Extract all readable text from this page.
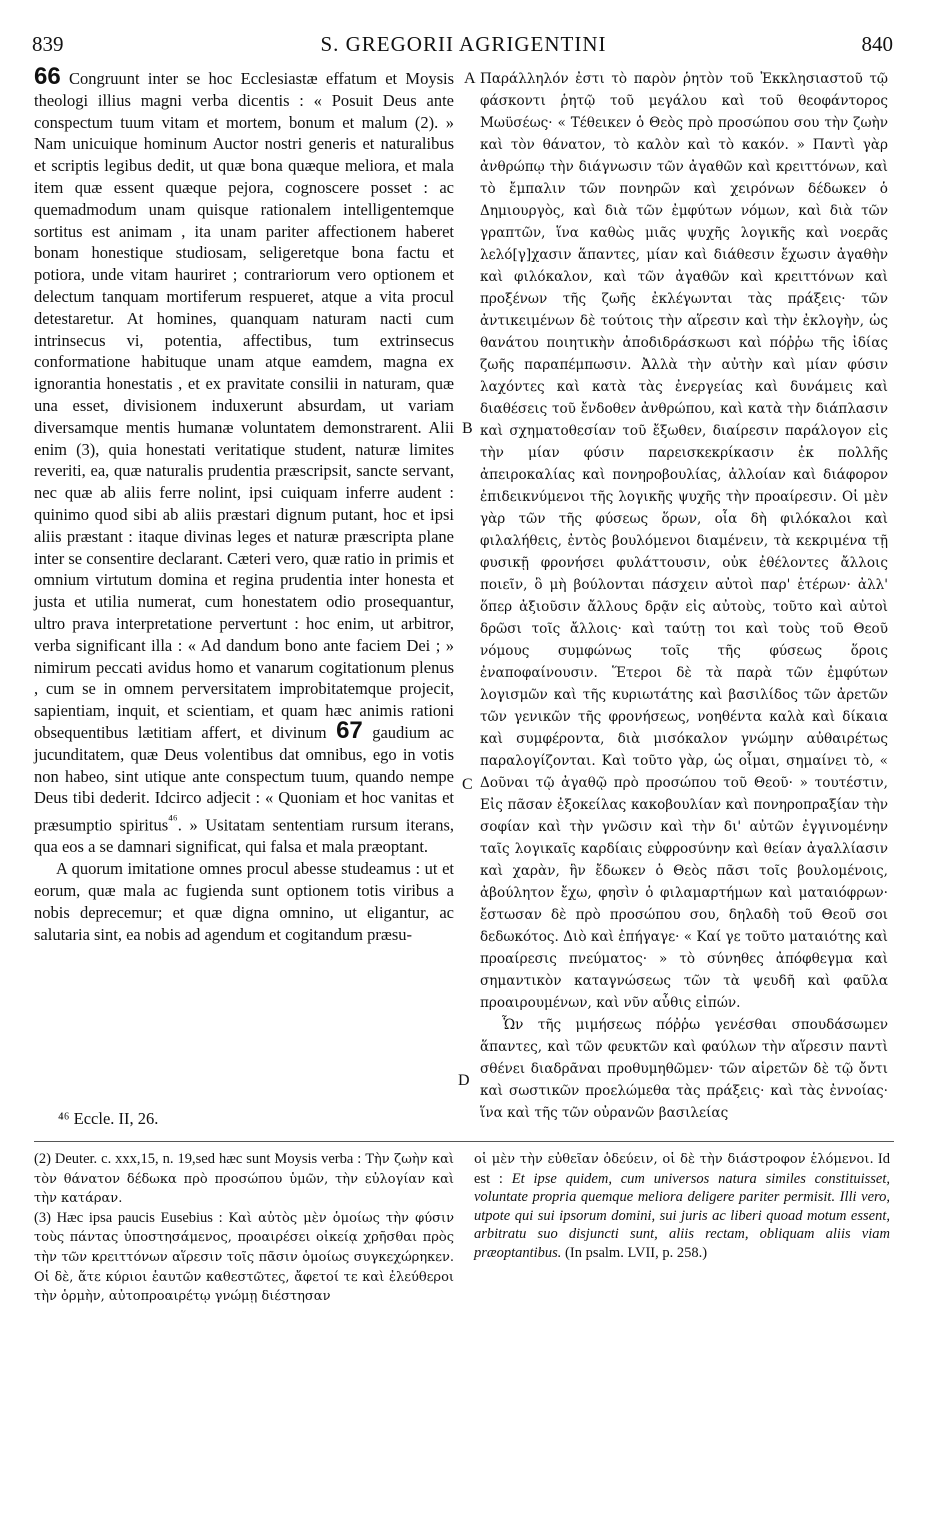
839	S. GREGORII AGRIGENTINI	840

66 Congruunt inter se hoc Ecclesiastæ effatum et Moysis theologi illius magni verba dicentis : « Posuit Deus ante conspectum tuum vitam et mortem, bonum et malum (2). » Nam unicuique hominum Auctor nostri generis et naturalibus et scriptis legibus dedit, ut quæ bona quæque meliora, et mala item quæ essent quæque pejora, cognoscere posset : ac quemadmodum unam quisque rationalem intelligentemque sortitus est animam , ita unam pariter affectionem haberet bonam honestique studiosam, seligeretque bona factu et potiora, unde vitam hauriret ; contrariorum vero optionem et delectum tanquam mortiferum respueret, atque a vita procul detestaretur. At homines, quanquam naturam nacti cum intrinsecus vi, potentia, affectibus, tum extrinsecus conformatione habituque unam atque eamdem, magna ex ignorantia honestatis , et ex pravitate consilii in naturam, quæ una esset, divisionem induxerunt absurdam, ut variam diversamque mentis humanæ voluntatem demonstrarent. Alii enim (3), quia honestati veritatique student, naturæ limites reveriti, ea, quæ naturalis prudentia præscripsit, sancte servant, nec quæ ab aliis ferre nolint, ipsi cuiquam inferre audent : quinimo quod sibi ab aliis præstari dignum putant, hoc et ipsi aliis præstant : itaque divinas leges et naturæ præscripta plane inter se consentire declarant. Cæteri vero, quæ ratio in primis et omnium virtutum domina et regina prudentia inter honesta et justa et utilia numerat, cum honestatem odio prosequantur, ultro prava interpretatione pervertunt : hoc enim, ut arbitror, verba significant illa : « Ad dandum bono ante faciem Dei ; » nimirum peccati avidus homo et vanarum cogitationum plenus , cum se in omnem perversitatem improbitatemque projecit, sapientiam, inquit, et scientiam, et quam hæc animis rationi obsequentibus lætitiam affert, et divinum 67 gaudium ac jucunditatem, quæ Deus volentibus dat omnibus, ego in votis non habeo, sint utique ante conspectum tuum, quando nempe Deus tibi dederit. Idcirco adjecit : « Quoniam et hoc vanitas et præsumptio spiritus$^{^{46}}$. » Usitatam sententiam rursum iterans, qua eos a se damnari significat, qui falsa et mala præoptant.

A quorum imitatione omnes procul abesse studeamus : ut et eorum, quæ mala ac fugienda sunt optionem totis viribus a nobis deprecemur; et quæ digna omnino, ut eligantur, ac salutaria sint, ea nobis ad agendum et cogitandum præsu-

A
B
C
D

Παράλληλόν ἐστι τὸ παρὸν ῥητὸν τοῦ Ἐκκλησιαστοῦ τῷ φάσκοντι ῥητῷ τοῦ μεγάλου καὶ τοῦ θεοφάντορος Μωϋσέως· « Τέθεικεν ὁ Θεὸς πρὸ προσώπου σου τὴν ζωὴν καὶ τὸν θάνατον, τὸ καλὸν καὶ τὸ κακόν. » Παντὶ γὰρ ἀνθρώπῳ τὴν διάγνωσιν τῶν ἀγαθῶν καὶ κρειττόνων, καὶ τὸ ἔμπαλιν τῶν πονηρῶν καὶ χειρόνων δέδωκεν ὁ Δημιουργὸς, καὶ διὰ τῶν ἐμφύτων νόμων, καὶ διὰ τῶν γραπτῶν, ἵνα καθὼς μιᾶς ψυχῆς λογικῆς καὶ νοερᾶς λελό[γ]χασιν ἅπαντες, μίαν καὶ διάθεσιν ἔχωσιν ἀγαθὴν καὶ φιλόκαλον, καὶ τῶν ἀγαθῶν καὶ κρειττόνων καὶ προξένων τῆς ζωῆς ἐκλέγωνται τὰς πράξεις· τῶν ἀντικειμένων δὲ τούτοις τὴν αἵρεσιν καὶ τὴν ἐκλογὴν, ὡς θανάτου ποιητικὴν ἀποδιδράσκωσι καὶ πόῤῥω τῆς ἰδίας ζωῆς παραπέμπωσιν. Ἀλλὰ τὴν αὐτὴν καὶ μίαν φύσιν λαχόντες καὶ κατὰ τὰς ἐνεργείας καὶ δυνάμεις καὶ διαθέσεις τοῦ ἔνδοθεν ἀνθρώπου, καὶ κατὰ τὴν διάπλασιν καὶ σχηματοθεσίαν τοῦ ἔξωθεν, διαίρεσιν παράλογον εἰς τὴν μίαν φύσιν παρεισκεκρίκασιν ἐκ πολλῆς ἀπειροκαλίας καὶ πονηροβουλίας, ἀλλοίαν καὶ διάφορον ἐπιδεικνύμενοι τῆς λογικῆς ψυχῆς τὴν προαίρεσιν. Οἱ μὲν γὰρ τῶν τῆς φύσεως ὅρων, οἷα δὴ φιλόκαλοι καὶ φιλαλήθεις, ἐντὸς βουλόμενοι διαμένειν, τὰ κεκριμένα τῇ φυσικῇ φρονήσει φυλάττουσιν, οὐκ ἐθέλοντες ἄλλοις ποιεῖν, ὃ μὴ βούλονται πάσχειν αὐτοὶ παρ' ἑτέρων· ἀλλ' ὅπερ ἀξιοῦσιν ἄλλους δρᾷν εἰς αὐτοὺς, τοῦτο καὶ αὐτοὶ δρῶσι τοῖς ἄλλοις· καὶ ταύτῃ τοι καὶ τοὺς τοῦ Θεοῦ νόμους συμφώνως τοῖς τῆς φύσεως ὅροις ἐναποφαίνουσιν. Ἕτεροι δὲ τὰ παρὰ τῶν ἐμφύτων λογισμῶν καὶ τῆς κυριωτάτης καὶ βασιλίδος τῶν ἀρετῶν τῶν γενικῶν τῆς φρονήσεως, νοηθέντα καλὰ καὶ δίκαια καὶ συμφέροντα, διὰ μισόκαλον γνώμην αὐθαιρέτως παραλογίζονται. Καὶ τοῦτο γὰρ, ὡς οἶμαι, σημαίνει τὸ, « Δοῦναι τῷ ἀγαθῷ πρὸ προσώπου τοῦ Θεοῦ· » τουτέστιν, Εἰς πᾶσαν ἐξοκείλας κακοβουλίαν καὶ πονηροπραξίαν τὴν σοφίαν καὶ τὴν γνῶσιν καὶ τὴν δι' αὐτῶν ἐγγινομένην ταῖς λογικαῖς καρδίαις εὐφροσύνην καὶ θείαν ἀγαλλίασιν καὶ χαρὰν, ἣν ἔδωκεν ὁ Θεὸς πᾶσι τοῖς βουλομένοις, ἀβούλητον ἔχω, φησὶν ὁ φιλαμαρτήμων καὶ ματαιόφρων· ἔστωσαν δὲ πρὸ προσώπου σου, δηλαδὴ τοῦ Θεοῦ σοι δεδωκότος. Διὸ καὶ ἐπήγαγε· « Καί γε τοῦτο ματαιότης καὶ προαίρεσις πνεύματος· » τὸ σύνηθες ἀπόφθεγμα καὶ σημαντικὸν καταγνώσεως τῶν τὰ ψευδῆ καὶ φαῦλα προαιρουμένων, καὶ νῦν αὖθις εἰπών.

Ὧν τῆς μιμήσεως πόῤῥω γενέσθαι σπουδάσωμεν ἅπαντες, καὶ τῶν φευκτῶν καὶ φαύλων τὴν αἵρεσιν παντὶ σθένει διαδρᾶναι προθυμηθῶμεν· τῶν αἱρετῶν δὲ τῷ ὄντι καὶ σωστικῶν προελώμεθα τὰς πράξεις· καὶ τὰς ἐννοίας· ἵνα καὶ τῆς τῶν οὐρανῶν βασιλείας

⁴⁶ Eccle. II, 26.

(2) Deuter. c. xxx,15, n. 19,sed hæc sunt Moysis verba : Τὴν ζωὴν καὶ τὸν θάνατον δέδωκα πρὸ προσώπου ὑμῶν, τὴν εὐλογίαν καὶ τὴν κατάραν.

(3) Hæc ipsa paucis Eusebius : Καὶ αὐτὸς μὲν ὁμοίως τὴν φύσιν τοὺς πάντας ὑποστησάμενος, προαιρέσει οἰκείᾳ χρῆσθαι πρὸς τὴν τῶν κρειττόνων αἵρεσιν τοῖς πᾶσιν ὁμοίως συγκεχώρηκεν. Οἱ δὲ, ἅτε κύριοι ἑαυτῶν καθεστῶτες, ἄφετοί τε καὶ ἐλεύθεροι τὴν ὁρμὴν, αὐτοπροαιρέτῳ γνώμῃ διέστησαν

οἱ μὲν τὴν εὐθεῖαν ὁδεύειν, οἱ δὲ τὴν διάστροφον ἑλόμενοι. Id est : Et ipse quidem, cum universos natura similes constituisset, voluntate propria quemque meliora deligere pariter permisit. Illi vero, utpote qui sui ipsorum domini, sui juris ac liberi quoad motum essent, arbitratu suo disjuncti sunt, aliis rectam, obliquam aliis viam præoptantibus. (In psalm. LVII, p. 258.)
